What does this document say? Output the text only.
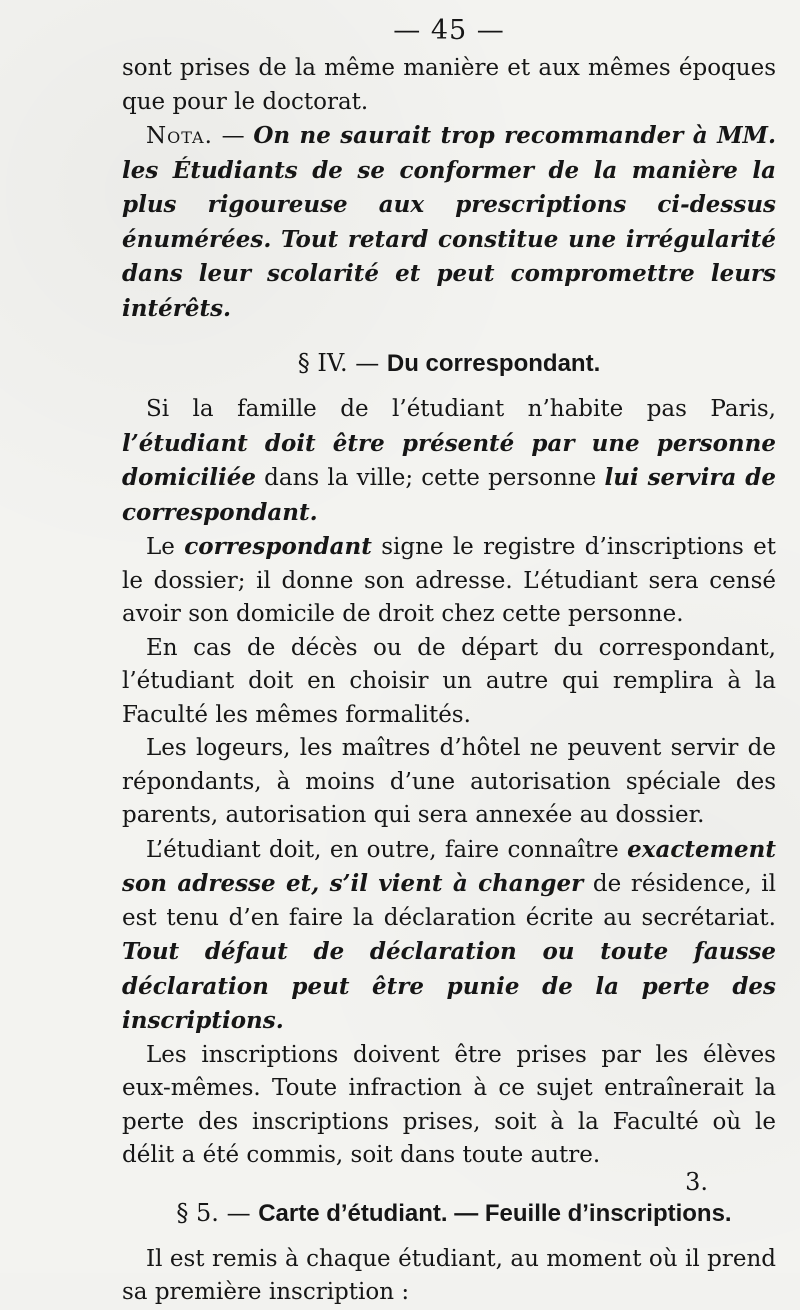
— 45 —

sont prises de la même manière et aux mêmes époques que pour le doctorat.

Nota. — On ne saurait trop recommander à MM. les Étudiants de se conformer de la manière la plus rigoureuse aux prescriptions ci-dessus énumérées. Tout retard constitue une irrégularité dans leur scolarité et peut compromettre leurs intérêts.

§ IV. — Du correspondant.

Si la famille de l’étudiant n’habite pas Paris, l’étudiant doit être présenté par une personne domiciliée dans la ville; cette personne lui servira de correspondant.

Le correspondant signe le registre d’inscriptions et le dossier; il donne son adresse. L’étudiant sera censé avoir son domicile de droit chez cette personne.

En cas de décès ou de départ du correspondant, l’étudiant doit en choisir un autre qui remplira à la Faculté les mêmes formalités.

Les logeurs, les maîtres d’hôtel ne peuvent servir de répondants, à moins d’une autorisation spéciale des parents, autorisation qui sera annexée au dossier.

L’étudiant doit, en outre, faire connaître exactement son adresse et, s’il vient à changer de résidence, il est tenu d’en faire la déclaration écrite au secrétariat. Tout défaut de déclaration ou toute fausse déclaration peut être punie de la perte des inscriptions.

Les inscriptions doivent être prises par les élèves eux-mêmes. Toute infraction à ce sujet entraînerait la perte des inscriptions prises, soit à la Faculté où le délit a été commis, soit dans toute autre.

§ 5. — Carte d’étudiant. — Feuille d’inscriptions.

Il est remis à chaque étudiant, au moment où il prend sa première inscription :

3.
